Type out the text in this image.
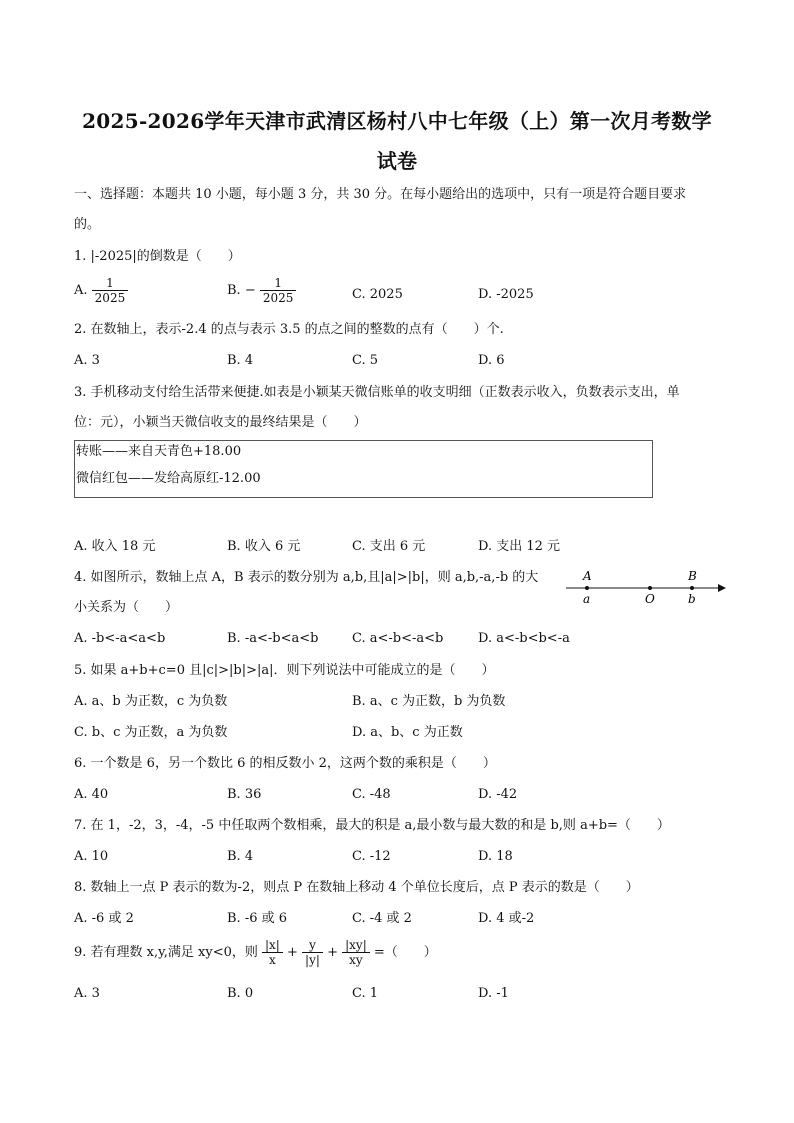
2025-2026学年天津市武清区杨村八中七年级（上）第一次月考数学
试卷
一、选择题：本题共 10 小题，每小题 3 分，共 30 分。在每小题给出的选项中，只有一项是符合题目要求
的。
1. |-2025|的倒数是（　　）
A. $\frac{1}{2025}$	B. − $\frac{1}{2025}$	C. 2025	D. -2025
2. 在数轴上，表示-2.4 的点与表示 3.5 的点之间的整数的点有（　　）个.
A. 3	B. 4	C. 5	D. 6
3. 手机移动支付给生活带来便捷.如表是小颖某天微信账单的收支明细（正数表示收入，负数表示支出，单
位：元），小颖当天微信收支的最终结果是（　　）
转账——来自天青色+18.00
微信红包——发给高原红-12.00
A. 收入 18 元	B. 收入 6 元	C. 支出 6 元	D. 支出 12 元
4. 如图所示，数轴上点 A，B 表示的数分别为 a,b,且|a|>|b|，则 a,b,-a,-b 的大
小关系为（　　）
A	B
a	O	b
A. -b<-a<a<b	B. -a<-b<a<b	C. a<-b<-a<b	D. a<-b<b<-a
5. 如果 a+b+c=0 且|c|>|b|>|a|．则下列说法中可能成立的是（　　）
A. a、b 为正数，c 为负数	B. a、c 为正数，b 为负数
C. b、c 为正数，a 为负数	D. a、b、c 为正数
6. 一个数是 6，另一个数比 6 的相反数小 2，这两个数的乘积是（　　）
A. 40	B. 36	C. -48	D. -42
7. 在 1，-2，3，-4，-5 中任取两个数相乘，最大的积是 a,最小数与最大数的和是 b,则 a+b=（　　）
A. 10	B. 4	C. -12	D. 18
8. 数轴上一点 P 表示的数为-2，则点 P 在数轴上移动 4 个单位长度后，点 P 表示的数是（　　）
A. -6 或 2	B. -6 或 6	C. -4 或 2	D. 4 或-2
9. 若有理数 x,y,满足 xy<0，则 $\frac{|x|}{x} + \frac{y}{|y|} + \frac{|xy|}{xy}$ =（　　）
A. 3	B. 0	C. 1	D. -1
